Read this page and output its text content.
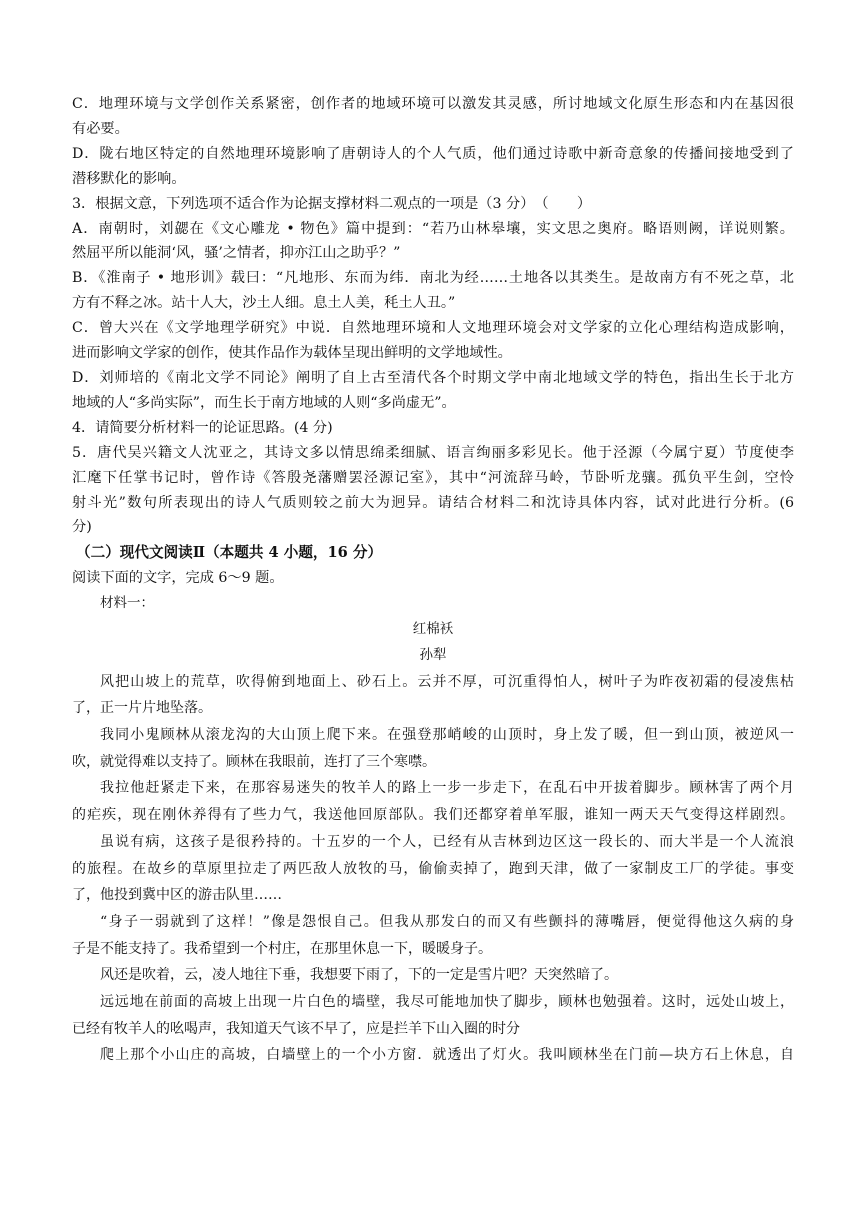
C．地理环境与文学创作关系紧密，创作者的地域环境可以激发其灵感，所讨地域文化原生形态和内在基因很
有必要。
D．陇右地区特定的自然地理环境影响了唐朝诗人的个人气质，他们通过诗歌中新奇意象的传播间接地受到了
潜移默化的影响。
3．根据文意，下列选项不适合作为论据支撑材料二观点的一项是（3 分）　（　　）
A．南朝时，刘勰在《文心雕龙 • 物色》篇中提到：“若乃山林皋壤，实文思之奥府。略语则阙，详说则繁。
然屈平所以能洞‘风，骚’之情者，抑亦江山之助乎？”
B．《淮南子 • 地形训》载曰：“凡地形、东而为纬．南北为经……土地各以其类生。是故南方有不死之草，北
方有不释之冰。站十人大，沙土人细。息土人美，秏土人丑。”
C．曾大兴在《文学地理学研究》中说．自然地理环境和人文地理环境会对文学家的立化心理结构造成影响，
进而影响文学家的创作，使其作品作为载体呈现出鲜明的文学地域性。
D．刘师培的《南北文学不同论》阐明了自上古至清代各个时期文学中南北地域文学的特色，指出生长于北方
地域的人“多尚实际”，而生长于南方地域的人则“多尚虚无”。
4．请简要分析材料一的论证思路。(4 分)
5．唐代吴兴籍文人沈亚之，其诗文多以情思绵柔细腻、语言绚丽多彩见长。他于泾源（今属宁夏）节度使李
汇麾下任掌书记时，曾作诗《答殷尧藩赠罢泾源记室》，其中“河流辞马岭，节卧听龙骧。孤负平生剑，空怜
射斗光”数句所表现出的诗人气质则较之前大为迥异。请结合材料二和沈诗具体内容，试对此进行分析。(6
分)
（二）现代文阅读Ⅱ（本题共 4 小题，16 分）
阅读下面的文字，完成 6～9 题。
材料一：
红棉袄
孙犁
风把山坡上的荒草，吹得俯到地面上、砂石上。云并不厚，可沉重得怕人，树叶子为昨夜初霜的侵凌焦枯
了，正一片片地坠落。
我同小鬼顾林从滚龙沟的大山顶上爬下来。在强登那峭峻的山顶时，身上发了暖，但一到山顶，被逆风一
吹，就觉得难以支持了。顾林在我眼前，连打了三个寒噤。
我拉他赶紧走下来，在那容易迷失的牧羊人的路上一步一步走下，在乱石中开拔着脚步。顾林害了两个月
的疟疾，现在刚休养得有了些力气，我送他回原部队。我们还都穿着单军服，谁知一两天天气变得这样剧烈。
虽说有病，这孩子是很矜持的。十五岁的一个人，已经有从吉林到边区这一段长的、而大半是一个人流浪
的旅程。在故乡的草原里拉走了两匹敌人放牧的马，偷偷卖掉了，跑到天津，做了一家制皮工厂的学徒。事变
了，他投到冀中区的游击队里……
“身子一弱就到了这样！”像是怨恨自己。但我从那发白的而又有些颤抖的薄嘴唇，便觉得他这久病的身
子是不能支持了。我希望到一个村庄，在那里休息一下，暖暖身子。
风还是吹着，云，凌人地往下垂，我想要下雨了，下的一定是雪片吧？天突然暗了。
远远地在前面的高坡上出现一片白色的墙壁，我尽可能地加快了脚步，顾林也勉强着。这时，远处山坡上，
已经有牧羊人的吆喝声，我知道天气该不早了，应是拦羊下山入圈的时分
爬上那个小山庄的高坡，白墙壁上的一个小方窗．就透出了灯火。我叫顾林坐在门前—块方石上休息，自
